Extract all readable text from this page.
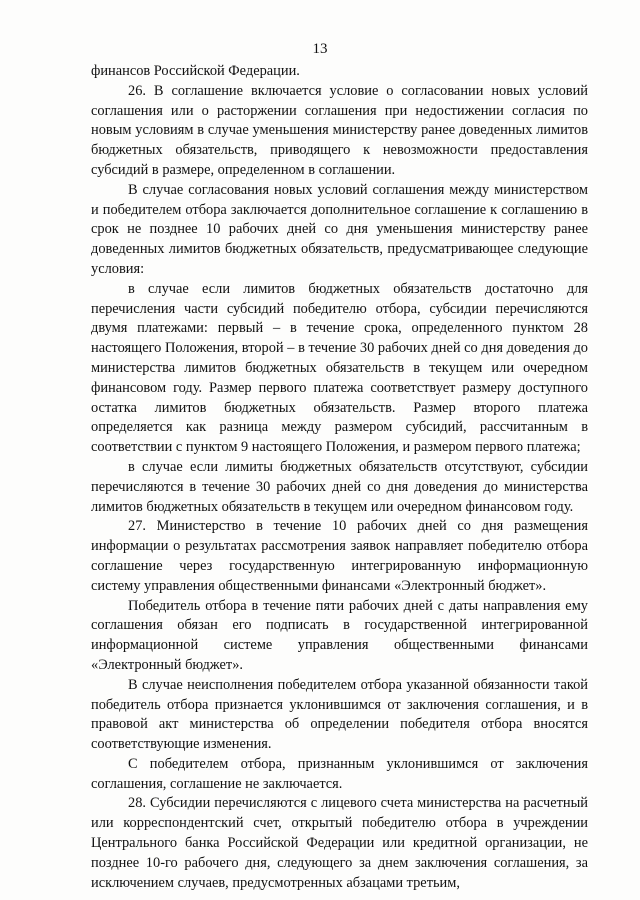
13

финансов Российской Федерации.

26. В соглашение включается условие о согласовании новых условий соглашения или о расторжении соглашения при недостижении согласия по новым условиям в случае уменьшения министерству ранее доведенных лимитов бюджетных обязательств, приводящего к невозможности предоставления субсидий в размере, определенном в соглашении.

В случае согласования новых условий соглашения между министерством и победителем отбора заключается дополнительное соглашение к соглашению в срок не позднее 10 рабочих дней со дня уменьшения министерству ранее доведенных лимитов бюджетных обязательств, предусматривающее следующие условия:

в случае если лимитов бюджетных обязательств достаточно для перечисления части субсидий победителю отбора, субсидии перечисляются двумя платежами: первый – в течение срока, определенного пунктом 28 настоящего Положения, второй – в течение 30 рабочих дней со дня доведения до министерства лимитов бюджетных обязательств в текущем или очередном финансовом году. Размер первого платежа соответствует размеру доступного остатка лимитов бюджетных обязательств. Размер второго платежа определяется как разница между размером субсидий, рассчитанным в соответствии с пунктом 9 настоящего Положения, и размером первого платежа;

в случае если лимиты бюджетных обязательств отсутствуют, субсидии перечисляются в течение 30 рабочих дней со дня доведения до министерства лимитов бюджетных обязательств в текущем или очередном финансовом году.

27. Министерство в течение 10 рабочих дней со дня размещения информации о результатах рассмотрения заявок направляет победителю отбора соглашение через государственную интегрированную информационную систему управления общественными финансами «Электронный бюджет».

Победитель отбора в течение пяти рабочих дней с даты направления ему соглашения обязан его подписать в государственной интегрированной информационной системе управления общественными финансами «Электронный бюджет».

В случае неисполнения победителем отбора указанной обязанности такой победитель отбора признается уклонившимся от заключения соглашения, и в правовой акт министерства об определении победителя отбора вносятся соответствующие изменения.

С победителем отбора, признанным уклонившимся от заключения соглашения, соглашение не заключается.

28. Субсидии перечисляются с лицевого счета министерства на расчетный или корреспондентский счет, открытый победителю отбора в учреждении Центрального банка Российской Федерации или кредитной организации, не позднее 10-го рабочего дня, следующего за днем заключения соглашения, за исключением случаев, предусмотренных абзацами третьим,
